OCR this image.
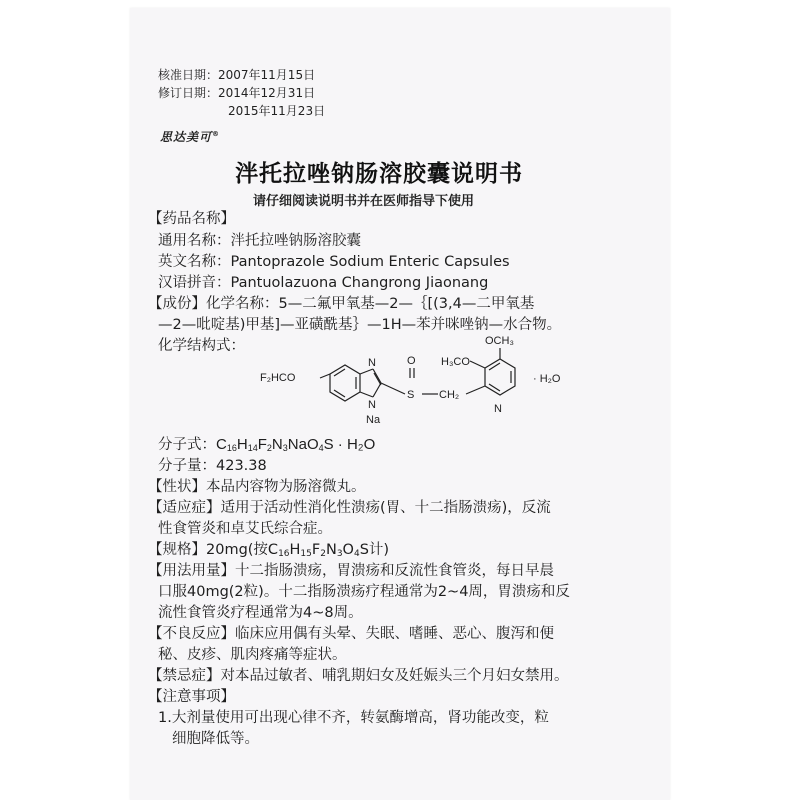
核准日期：2007年11月15日
修订日期：2014年12月31日
2015年11月23日
思达美可®
泮托拉唑钠肠溶胶囊说明书
请仔细阅读说明书并在医师指导下使用
【药品名称】
通用名称：泮托拉唑钠肠溶胶囊
英文名称：Pantoprazole Sodium Enteric Capsules
汉语拼音：Pantuolazuona Changrong Jiaonang
【成份】化学名称：5—二氟甲氧基—2—｛[(3,4—二甲氧基
—2—吡啶基)甲基]—亚磺酰基｝—1H—苯并咪唑钠—水合物。
化学结构式：
F₂HCO
N
N
Na
S
O
CH₂
H₃CO
OCH₃
N
· H₂O
分子式：$C_{16}H_{14}F_2N_3NaO_4S \cdot H_2O$
分子量：423.38
【性状】本品内容物为肠溶微丸。
【适应症】适用于活动性消化性溃疡(胃、十二指肠溃疡)，反流
性食管炎和卓艾氏综合症。
【规格】20mg(按$C_{16}H_{15}F_2N_3O_4S$计)
【用法用量】十二指肠溃疡，胃溃疡和反流性食管炎，每日早晨
口服40mg(2粒)。十二指肠溃疡疗程通常为2~4周，胃溃疡和反
流性食管炎疗程通常为4~8周。
【不良反应】临床应用偶有头晕、失眠、嗜睡、恶心、腹泻和便
秘、皮疹、肌肉疼痛等症状。
【禁忌症】对本品过敏者、哺乳期妇女及妊娠头三个月妇女禁用。
【注意事项】
1.大剂量使用可出现心律不齐，转氨酶增高，肾功能改变，粒
细胞降低等。
